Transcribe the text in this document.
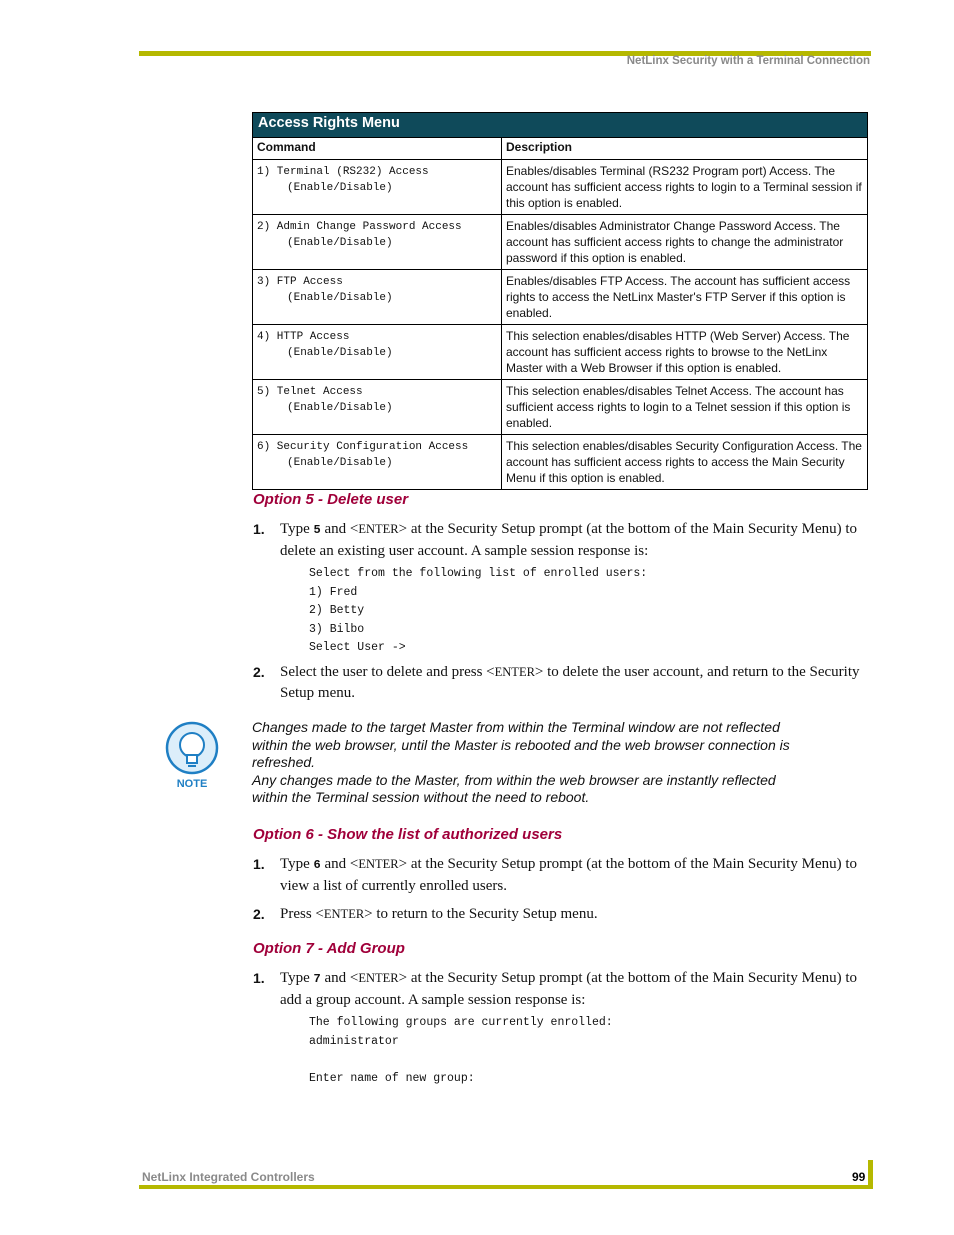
NetLinx Security with a Terminal Connection
Access Rights Menu	
Command	Description
1) Terminal (RS232) Access
(Enable/Disable)	Enables/disables Terminal (RS232 Program port) Access. The account has sufficient access rights to login to a Terminal session if this option is enabled.
2) Admin Change Password Access
(Enable/Disable)	Enables/disables Administrator Change Password Access. The account has sufficient access rights to change the administrator password if this option is enabled.
3) FTP Access
(Enable/Disable)	Enables/disables FTP Access. The account has sufficient access rights to access the NetLinx Master's FTP Server if this option is enabled.
4) HTTP Access
(Enable/Disable)	This selection enables/disables HTTP (Web Server) Access. The account has sufficient access rights to browse to the NetLinx Master with a Web Browser if this option is enabled.
5) Telnet Access
(Enable/Disable)	This selection enables/disables Telnet Access. The account has sufficient access rights to login to a Telnet session if this option is enabled.
6) Security Configuration Access
(Enable/Disable)	This selection enables/disables Security Configuration Access. The account has sufficient access rights to access the Main Security Menu if this option is enabled.
Option 5 - Delete user
1. Type 5 and <ENTER> at the Security Setup prompt (at the bottom of the Main Security Menu) to delete an existing user account. A sample session response is:
Select from the following list of enrolled users:
1) Fred
2) Betty
3) Bilbo
Select User ->
2. Select the user to delete and press <ENTER> to delete the user account, and return to the Security Setup menu.
NOTE
Changes made to the target Master from within the Terminal window are not reflected within the web browser, until the Master is rebooted and the web browser connection is refreshed.
Any changes made to the Master, from within the web browser are instantly reflected within the Terminal session without the need to reboot.
Option 6 - Show the list of authorized users
1. Type 6 and <ENTER> at the Security Setup prompt (at the bottom of the Main Security Menu) to view a list of currently enrolled users.
2. Press <ENTER> to return to the Security Setup menu.
Option 7 - Add Group
1. Type 7 and <ENTER> at the Security Setup prompt (at the bottom of the Main Security Menu) to add a group account. A sample session response is:
The following groups are currently enrolled:
administrator
Enter name of new group:
NetLinx Integrated Controllers	99
